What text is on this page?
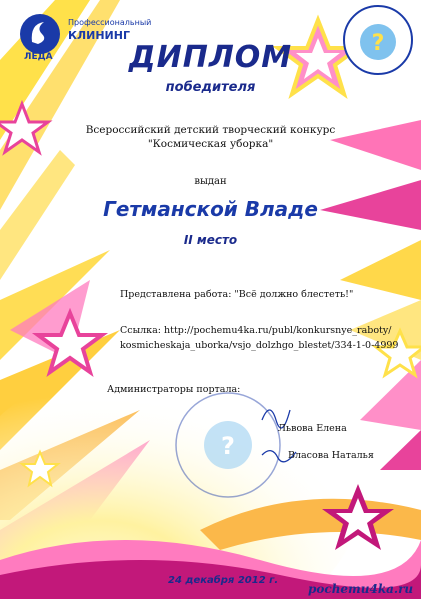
?
?
Профессиональный
КЛИНИНГ
ЛЕДА	ДИПЛОМ
победителя
Всероссийский детский творческий конкурс
"Космическая уборка"
выдан
Гетманской Владе
II место
Представлена работа: "Всё должно блестеть!"
Ссылка: http://pochemu4ka.ru/publ/konkursnye_raboty/
kosmicheskaja_uborka/vsjo_dolzhgo_blestet/334-1-0-4999
Администраторы портала:
Львова Елена
Власова Наталья
24 декабря 2012 г.
pochemu4ka.ru
